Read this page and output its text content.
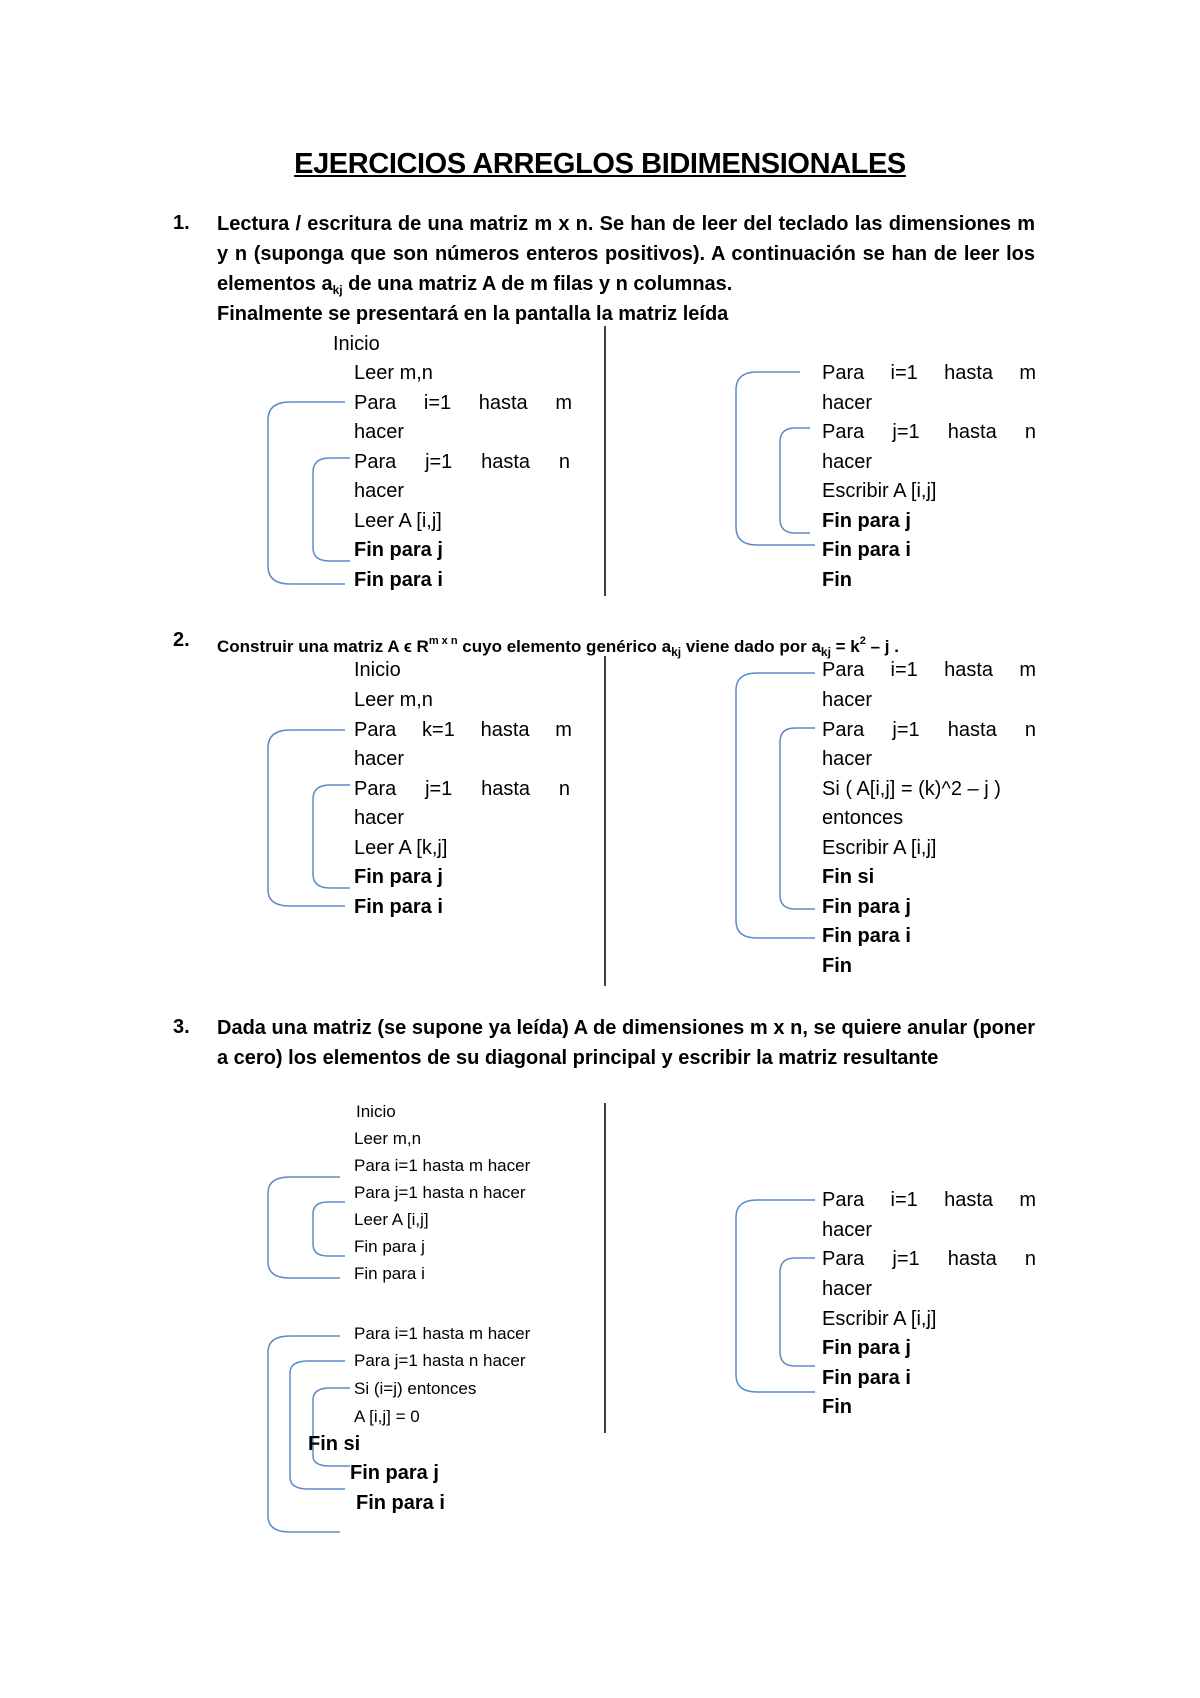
EJERCICIOS ARREGLOS BIDIMENSIONALES
1. Lectura / escritura de una matriz m x n. Se han de leer del teclado las dimensiones m y n (suponga que son números enteros positivos). A continuación se han de leer los elementos $a_{kj}$ de una matriz A de m filas y n columnas.
Finalmente se presentará en la pantalla la matriz leída
Inicio
Leer m,n
Para i=1 hasta m
hacer
Para j=1 hasta n
hacer
Leer A [i,j]
Fin para j
Fin para i
Para i=1 hasta m
hacer
Para j=1 hasta n
hacer
Escribir A [i,j]
Fin para j
Fin para i
Fin
2. Construir una matriz A ϵ $R^{m x n}$ cuyo elemento genérico $a_{kj}$ viene dado por $a_{kj} = k^2 - j$ .
Inicio
Leer m,n
Para k=1 hasta m
hacer
Para j=1 hasta n
hacer
Leer A [k,j]
Fin para j
Fin para i
Para i=1 hasta m
hacer
Para j=1 hasta n
hacer
Si ( A[i,j] = (k)^2 – j )
entonces
Escribir A [i,j]
Fin si
Fin para j
Fin para i
Fin
3. Dada una matriz (se supone ya leída) A de dimensiones m x n, se quiere anular (poner a cero) los elementos de su diagonal principal y escribir la matriz resultante
Inicio
Leer m,n
Para i=1 hasta m hacer
Para j=1 hasta n hacer
Leer A [i,j]
Fin para j
Fin para i
Para i=1 hasta m hacer
Para j=1 hasta n hacer
Si (i=j) entonces
A [i,j] = 0
Fin si
Fin para j
Fin para i
Para i=1 hasta m
hacer
Para j=1 hasta n
hacer
Escribir A [i,j]
Fin para j
Fin para i
Fin
